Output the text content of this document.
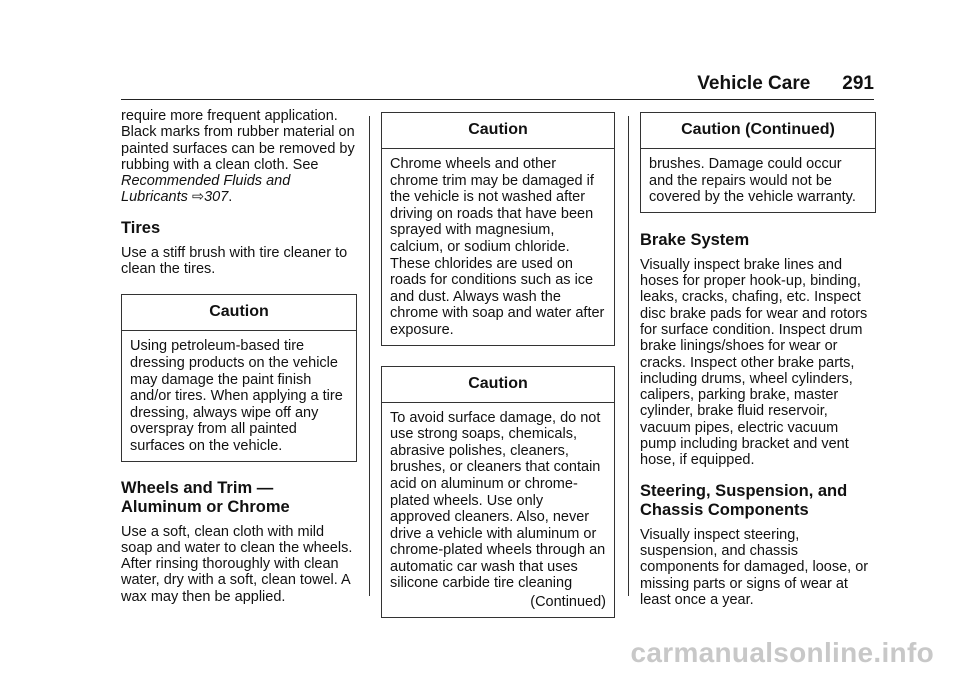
Vehicle Care 291

require more frequent application. Black marks from rubber material on painted surfaces can be removed by rubbing with a clean cloth. See Recommended Fluids and Lubricants ⇨307.

Tires

Use a stiff brush with tire cleaner to clean the tires.

Caution
Using petroleum-based tire dressing products on the vehicle may damage the paint finish and/or tires. When applying a tire dressing, always wipe off any overspray from all painted surfaces on the vehicle.
Wheels and Trim — Aluminum or Chrome

Use a soft, clean cloth with mild soap and water to clean the wheels. After rinsing thoroughly with clean water, dry with a soft, clean towel. A wax may then be applied.

Caution
Chrome wheels and other chrome trim may be damaged if the vehicle is not washed after driving on roads that have been sprayed with magnesium, calcium, or sodium chloride. These chlorides are used on roads for conditions such as ice and dust. Always wash the chrome with soap and water after exposure.
Caution
To avoid surface damage, do not use strong soaps, chemicals, abrasive polishes, cleaners, brushes, or cleaners that contain acid on aluminum or chrome-plated wheels. Use only approved cleaners. Also, never drive a vehicle with aluminum or chrome-plated wheels through an automatic car wash that uses silicone carbide tire cleaning
(Continued)
Caution (Continued)
brushes. Damage could occur and the repairs would not be covered by the vehicle warranty.
Brake System

Visually inspect brake lines and hoses for proper hook-up, binding, leaks, cracks, chafing, etc. Inspect disc brake pads for wear and rotors for surface condition. Inspect drum brake linings/shoes for wear or cracks. Inspect other brake parts, including drums, wheel cylinders, calipers, parking brake, master cylinder, brake fluid reservoir, vacuum pipes, electric vacuum pump including bracket and vent hose, if equipped.

Steering, Suspension, and Chassis Components

Visually inspect steering, suspension, and chassis components for damaged, loose, or missing parts or signs of wear at least once a year.

carmanualsonline.info
